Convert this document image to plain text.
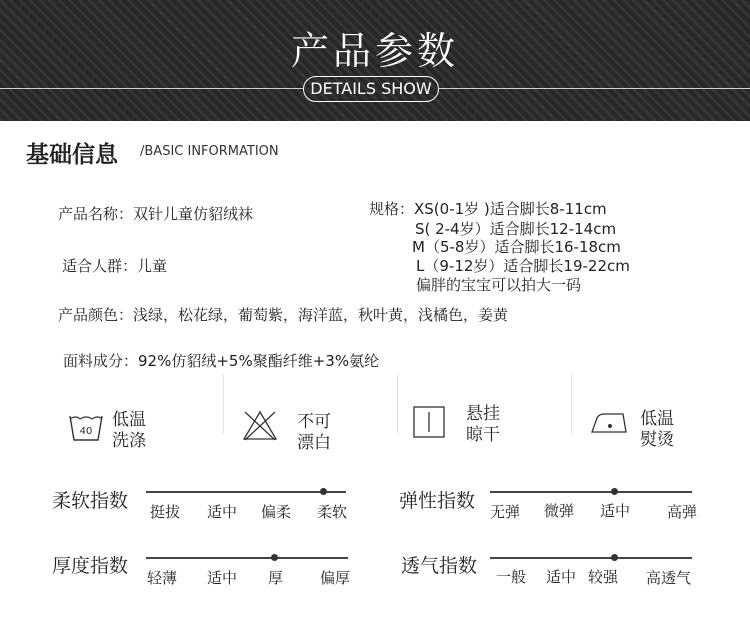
产品参数
DETAILS SHOW
基础信息 /BASIC INFORMATION
产品名称：双针儿童仿貂绒袜
适合人群：儿童
规格：XS(0-1岁 )适合脚长8-11cm
S( 2-4岁）适合脚长12-14cm
M（5-8岁）适合脚长16-18cm
L（9-12岁）适合脚长19-22cm
偏胖的宝宝可以拍大一码
产品颜色：浅绿，松花绿，葡萄紫，海洋蓝，秋叶黄，浅橘色，姜黄
面料成分：92%仿貂绒+5%聚酯纤维+3%氨纶
40
低温
洗涤
不可
漂白
悬挂
晾干
低温
熨烫
柔软指数 挺拔 适中 偏柔 柔软	弹性指数 无弹 微弹 适中 高弹
厚度指数
轻薄 适中 厚 偏厚
透气指数 一般 适中 较强 高透气
